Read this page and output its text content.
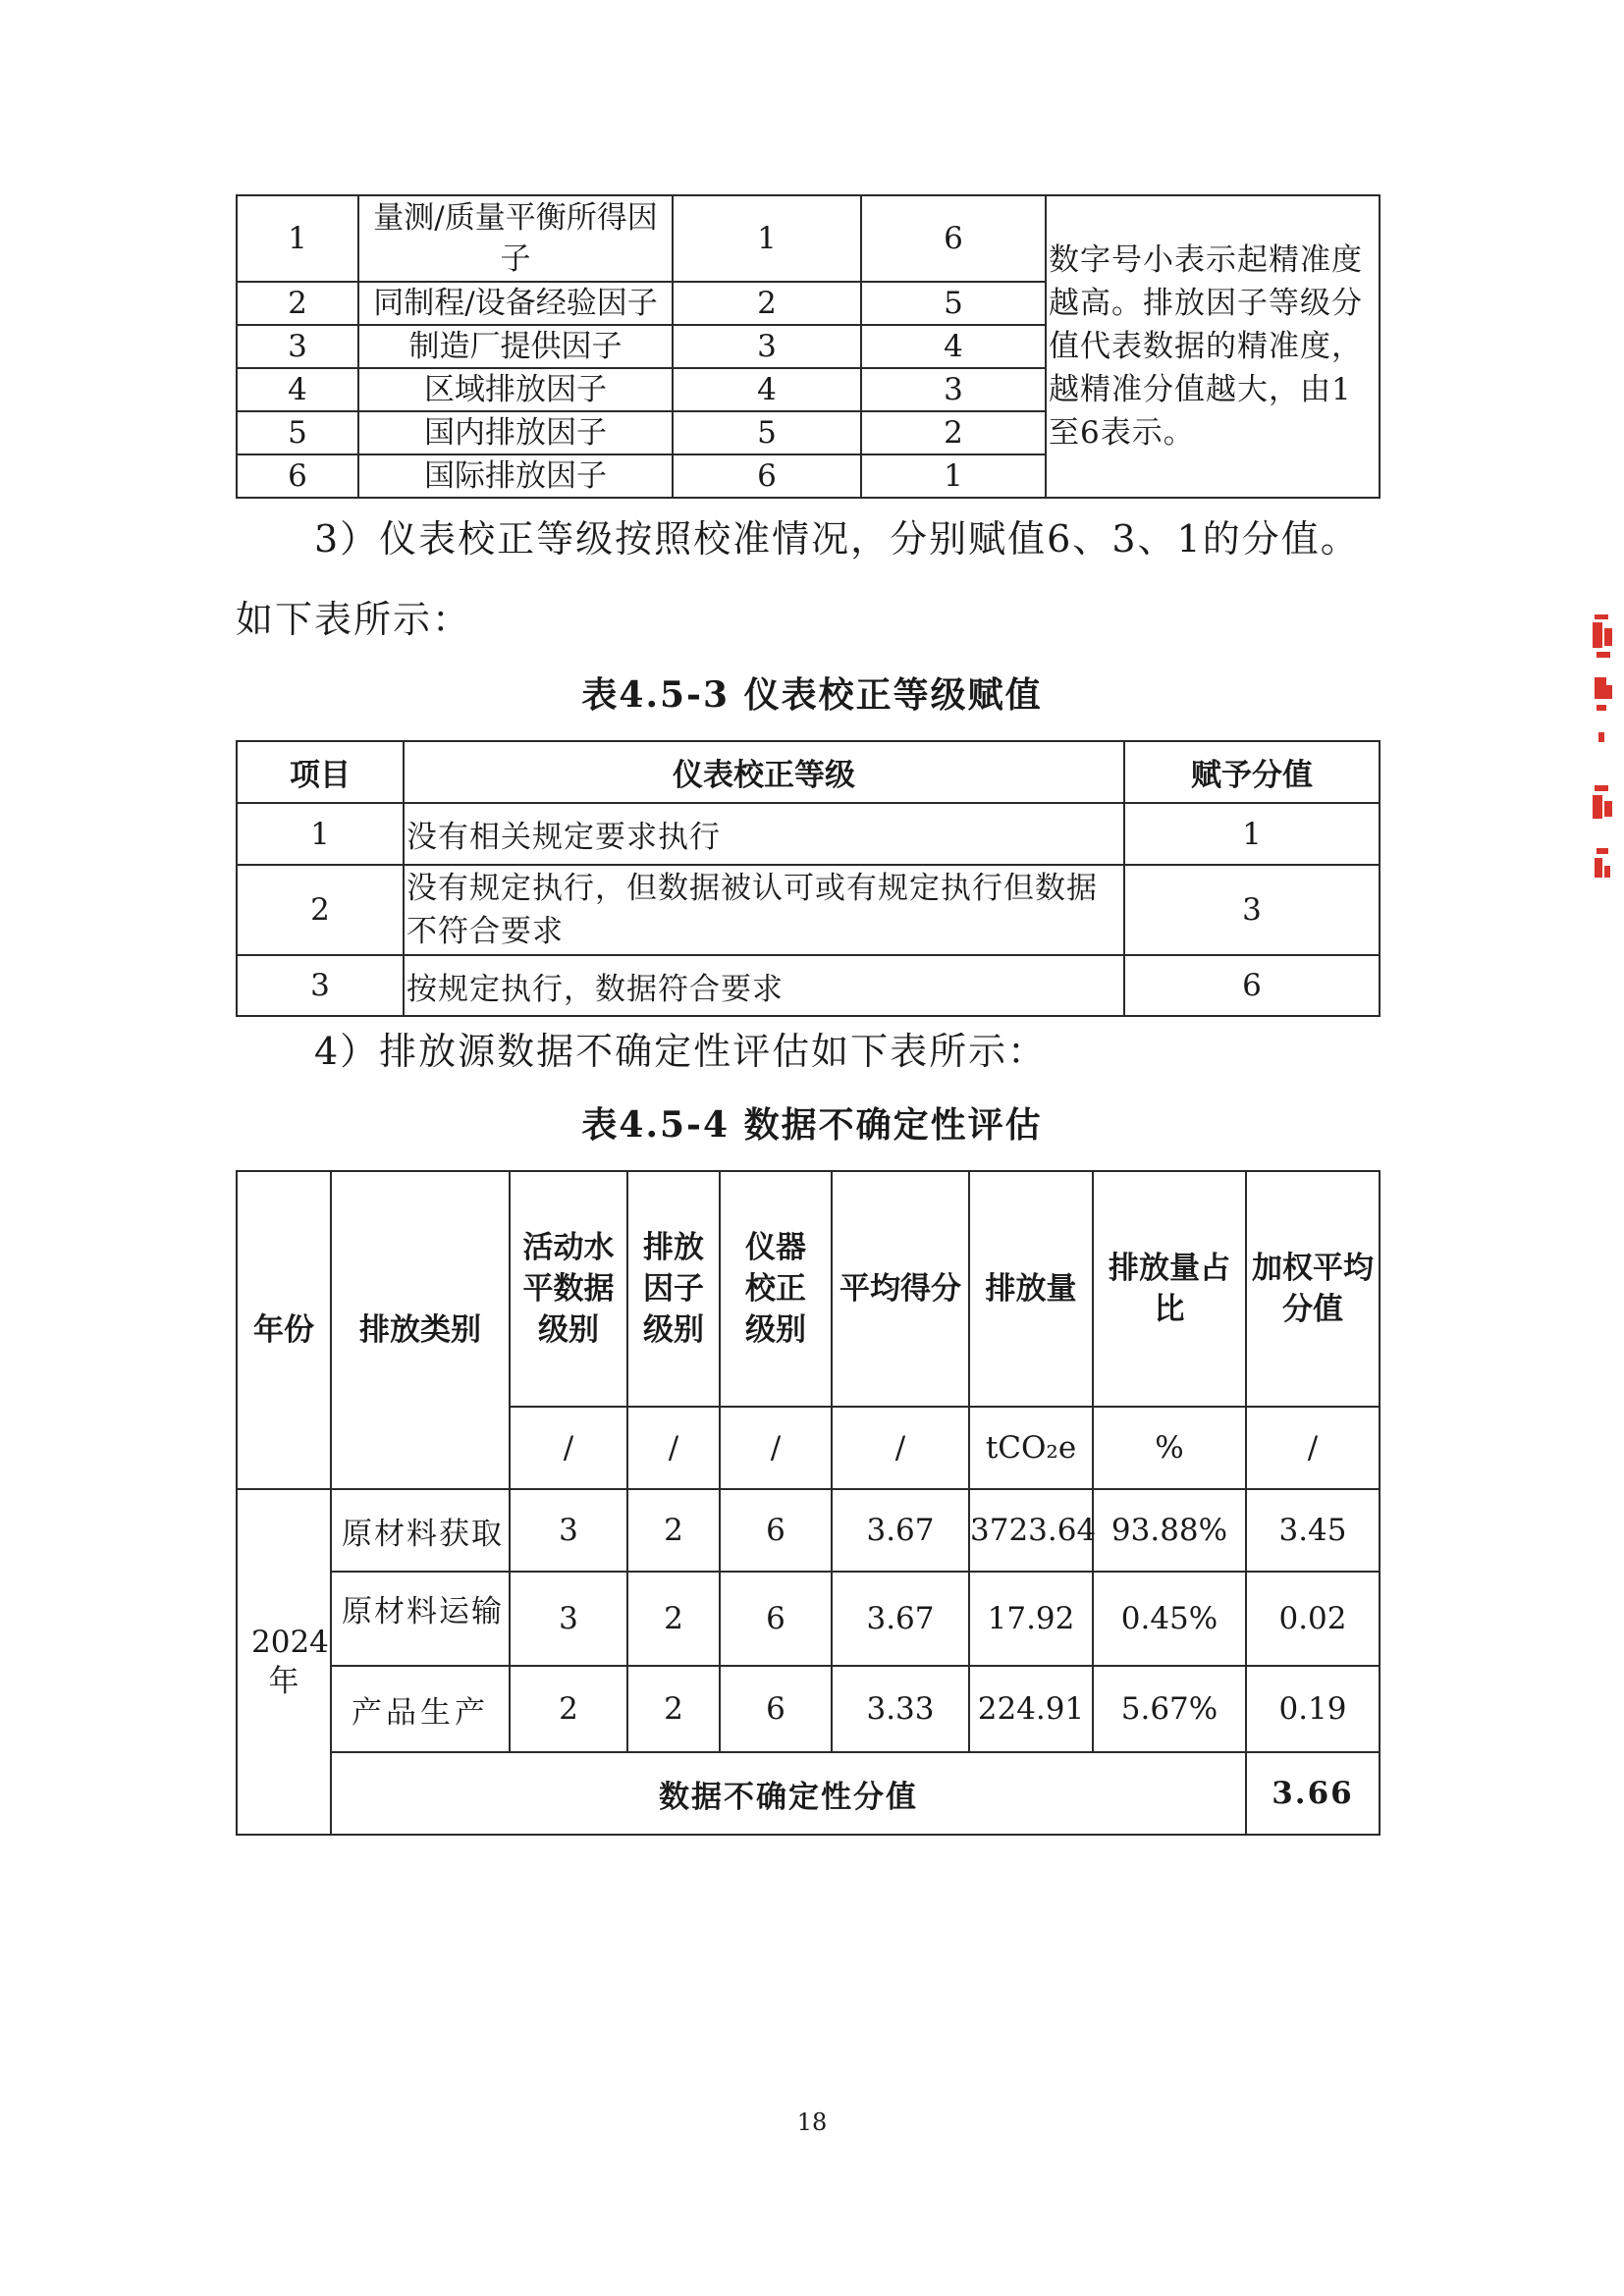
1	量测/质量平衡所得因子	1	6	数字号小表示起精准度越高。排放因子等级分值代表数据的精准度，越精准分值越大，由1至6表示。
2	同制程/设备经验因子	2	5	
3	制造厂提供因子	3	4	
4	区域排放因子	4	3	
5	国内排放因子	5	2	
6	国际排放因子	6	1	
3）仪表校正等级按照校准情况，分别赋值6、3、1的分值。
如下表所示：
表4.5-3 仪表校正等级赋值
项目	仪表校正等级	赋予分值
1	没有相关规定要求执行	1
2	没有规定执行，但数据被认可或有规定执行但数据不符合要求	3
3	按规定执行，数据符合要求	6
4）排放源数据不确定性评估如下表所示：
表4.5-4 数据不确定性评估
年份	排放类别	活动水平数据级别	排放因子级别	仪器校正级别	平均得分	排放量	排放量占比	加权平均分值
		/	/	/	/	tCO₂e	%	/
2024年	原材料获取	3	2	6	3.67	3723.64	93.88%	3.45
	原材料运输	3	2	6	3.67	17.92	0.45%	0.02
	产品生产	2	2	6	3.33	224.91	5.67%	0.19
	数据不确定性分值							3.66
18
